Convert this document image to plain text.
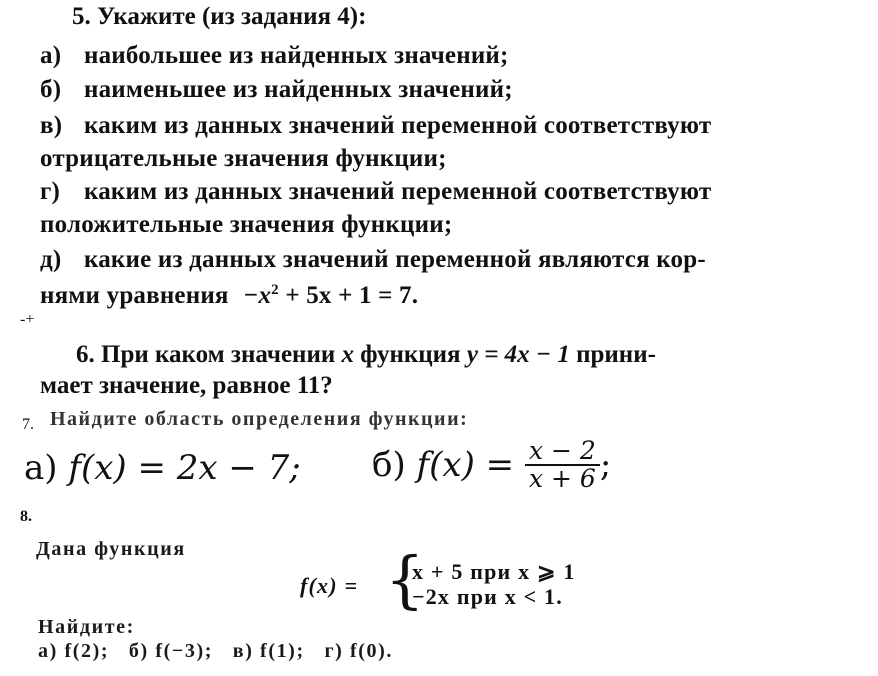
5. Укажите (из задания 4):
а) наибольшее из найденных значений;
б) наименьшее из найденных значений;
в) каким из данных значений переменной соответствуют
отрицательные значения функции;
г) каким из данных значений переменной соответствуют
положительные значения функции;
д) какие из данных значений переменной являются кор-
нями уравнения $-x^2 + 5x + 1 = 7$.
-+
6. При каком значении x функция y = 4x − 1 прини-
мает значение, равное 11?
7. Найдите область определения функции:
а) f(x) = 2x − 7; б) $f(x) = \frac{x - 2}{x + 6}$ ;
8.
Дана функция
f(x) = {
x + 5 при x ⩾ 1
−2x при x < 1.
Найдите:
а) f(2);   б) f(−3);   в) f(1);   г) f(0).
